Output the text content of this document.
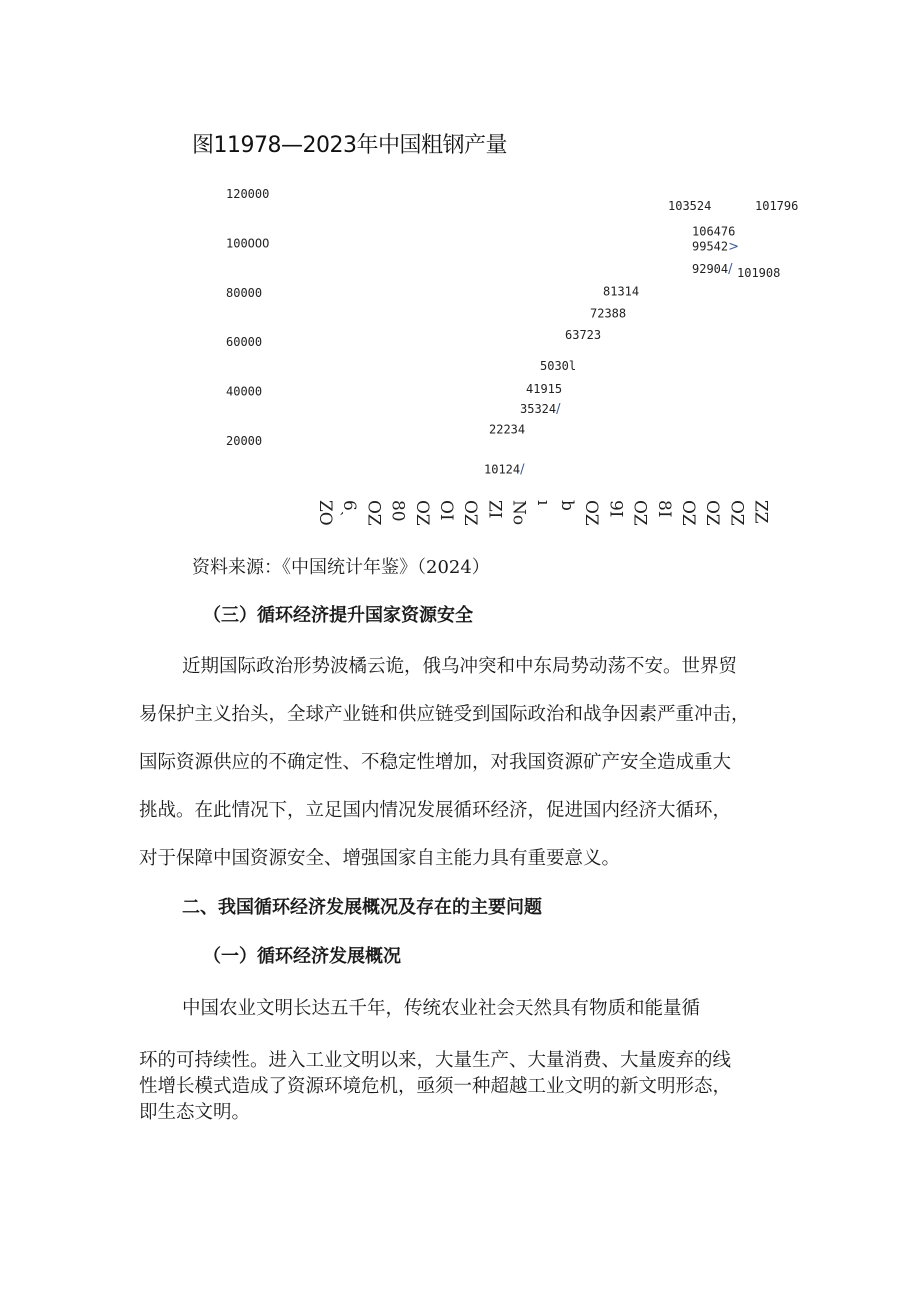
图11978—2023年中国粗钢产量
120000
100OOO
80000
60000
40000
20000
10124/
22234
35324/
41915
5030l
63723
72388
81314
92904/
99542>
106476
103524
101908
101796
ZO 6ˏ OZ 80 OZ OI OZ ZI No ı b OZ 9I OZ 8I OZ OZ OZ ZZ
资料来源：《中国统计年鉴》（2024）
（三）循环经济提升国家资源安全
近期国际政治形势波橘云诡，俄乌冲突和中东局势动荡不安。世界贸
易保护主义抬头，全球产业链和供应链受到国际政治和战争因素严重冲击，
国际资源供应的不确定性、不稳定性增加，对我国资源矿产安全造成重大
挑战。在此情况下，立足国内情况发展循环经济，促进国内经济大循环，
对于保障中国资源安全、增强国家自主能力具有重要意义。
二、我国循环经济发展概况及存在的主要问题
（一）循环经济发展概况
中国农业文明长达五千年，传统农业社会天然具有物质和能量循
环的可持续性。进入工业文明以来，大量生产、大量消费、大量废弃的线
性增长模式造成了资源环境危机，亟须一种超越工业文明的新文明形态，
即生态文明。
